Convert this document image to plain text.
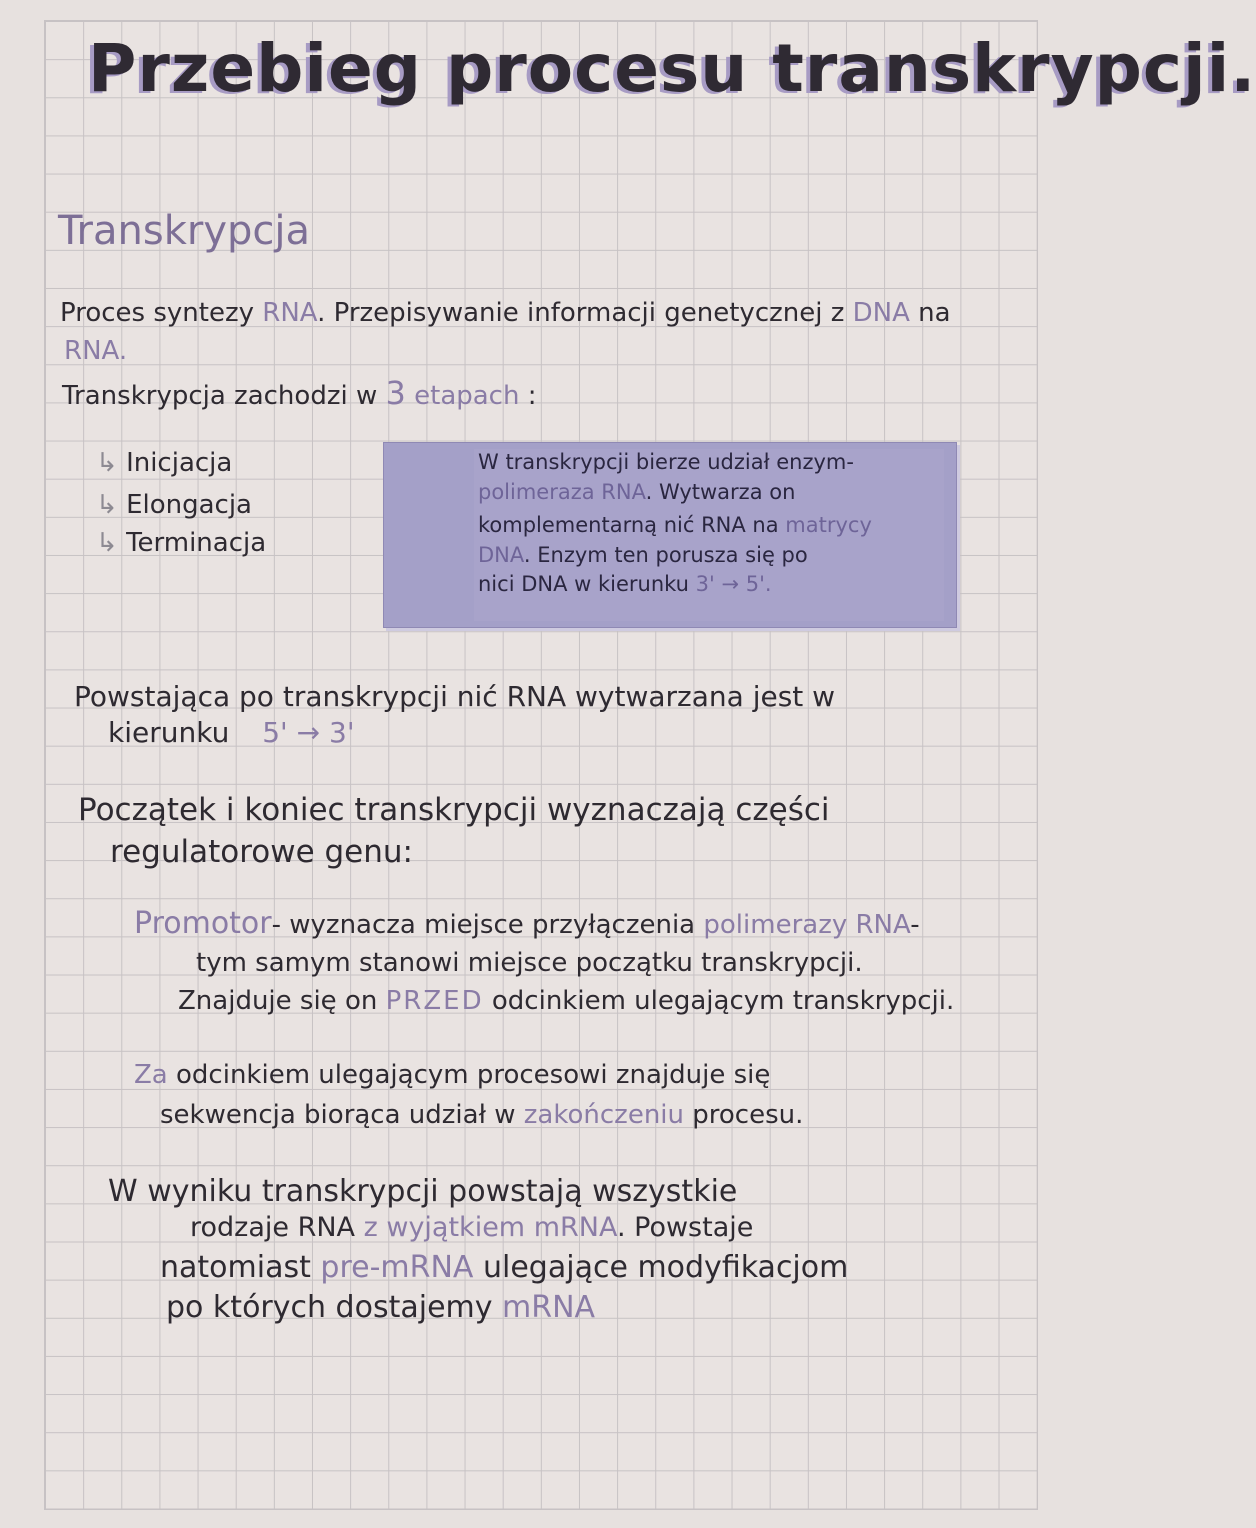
Przebieg procesu transkrypcji.
Transkrypcja
Proces syntezy RNA. Przepisywanie informacji genetycznej z DNA na
RNA.
Transkrypcja zachodzi w 3 etapach :
↳ Inicjacja
↳ Elongacja
↳ Terminacja
W transkrypcji bierze udział enzym-
polimeraza RNA. Wytwarza on
komplementarną nić RNA na matrycy
DNA. Enzym ten porusza się po
nici DNA w kierunku 3' → 5'.
Powstająca po transkrypcji nić RNA wytwarzana jest w
kierunku 5' → 3'
Początek i koniec transkrypcji wyznaczają części
regulatorowe genu:
Promotor- wyznacza miejsce przyłączenia polimerazy RNA-
tym samym stanowi miejsce początku transkrypcji.
Znajduje się on PRZED odcinkiem ulegającym transkrypcji.
Za odcinkiem ulegającym procesowi znajduje się
sekwencja biorąca udział w zakończeniu procesu.
W wyniku transkrypcji powstają wszystkie
rodzaje RNA z wyjątkiem mRNA. Powstaje
natomiast pre-mRNA ulegające modyfikacjom
po których dostajemy mRNA
